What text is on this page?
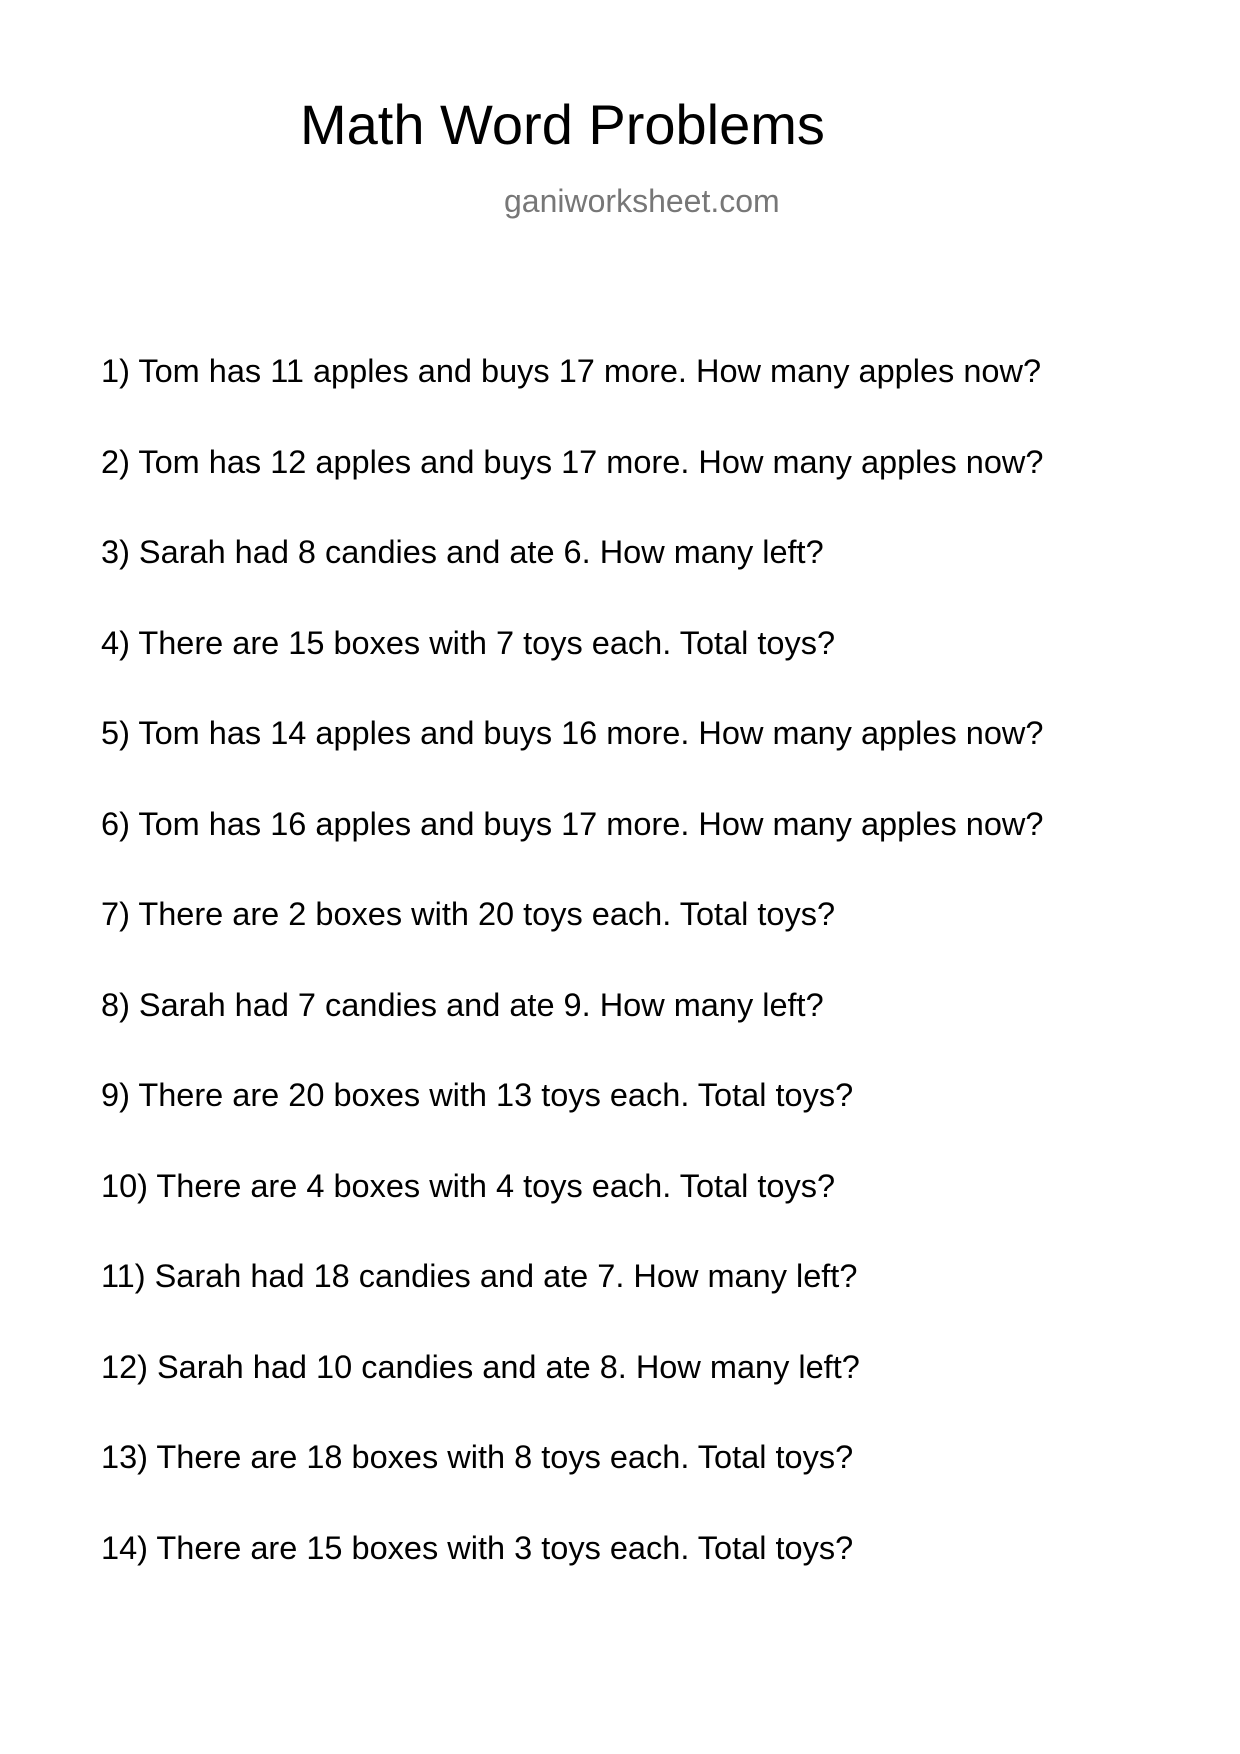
Math Word Problems
ganiworksheet.com
1) Tom has 11 apples and buys 17 more. How many apples now?
2) Tom has 12 apples and buys 17 more. How many apples now?
3) Sarah had 8 candies and ate 6. How many left?
4) There are 15 boxes with 7 toys each. Total toys?
5) Tom has 14 apples and buys 16 more. How many apples now?
6) Tom has 16 apples and buys 17 more. How many apples now?
7) There are 2 boxes with 20 toys each. Total toys?
8) Sarah had 7 candies and ate 9. How many left?
9) There are 20 boxes with 13 toys each. Total toys?
10) There are 4 boxes with 4 toys each. Total toys?
11) Sarah had 18 candies and ate 7. How many left?
12) Sarah had 10 candies and ate 8. How many left?
13) There are 18 boxes with 8 toys each. Total toys?
14) There are 15 boxes with 3 toys each. Total toys?
